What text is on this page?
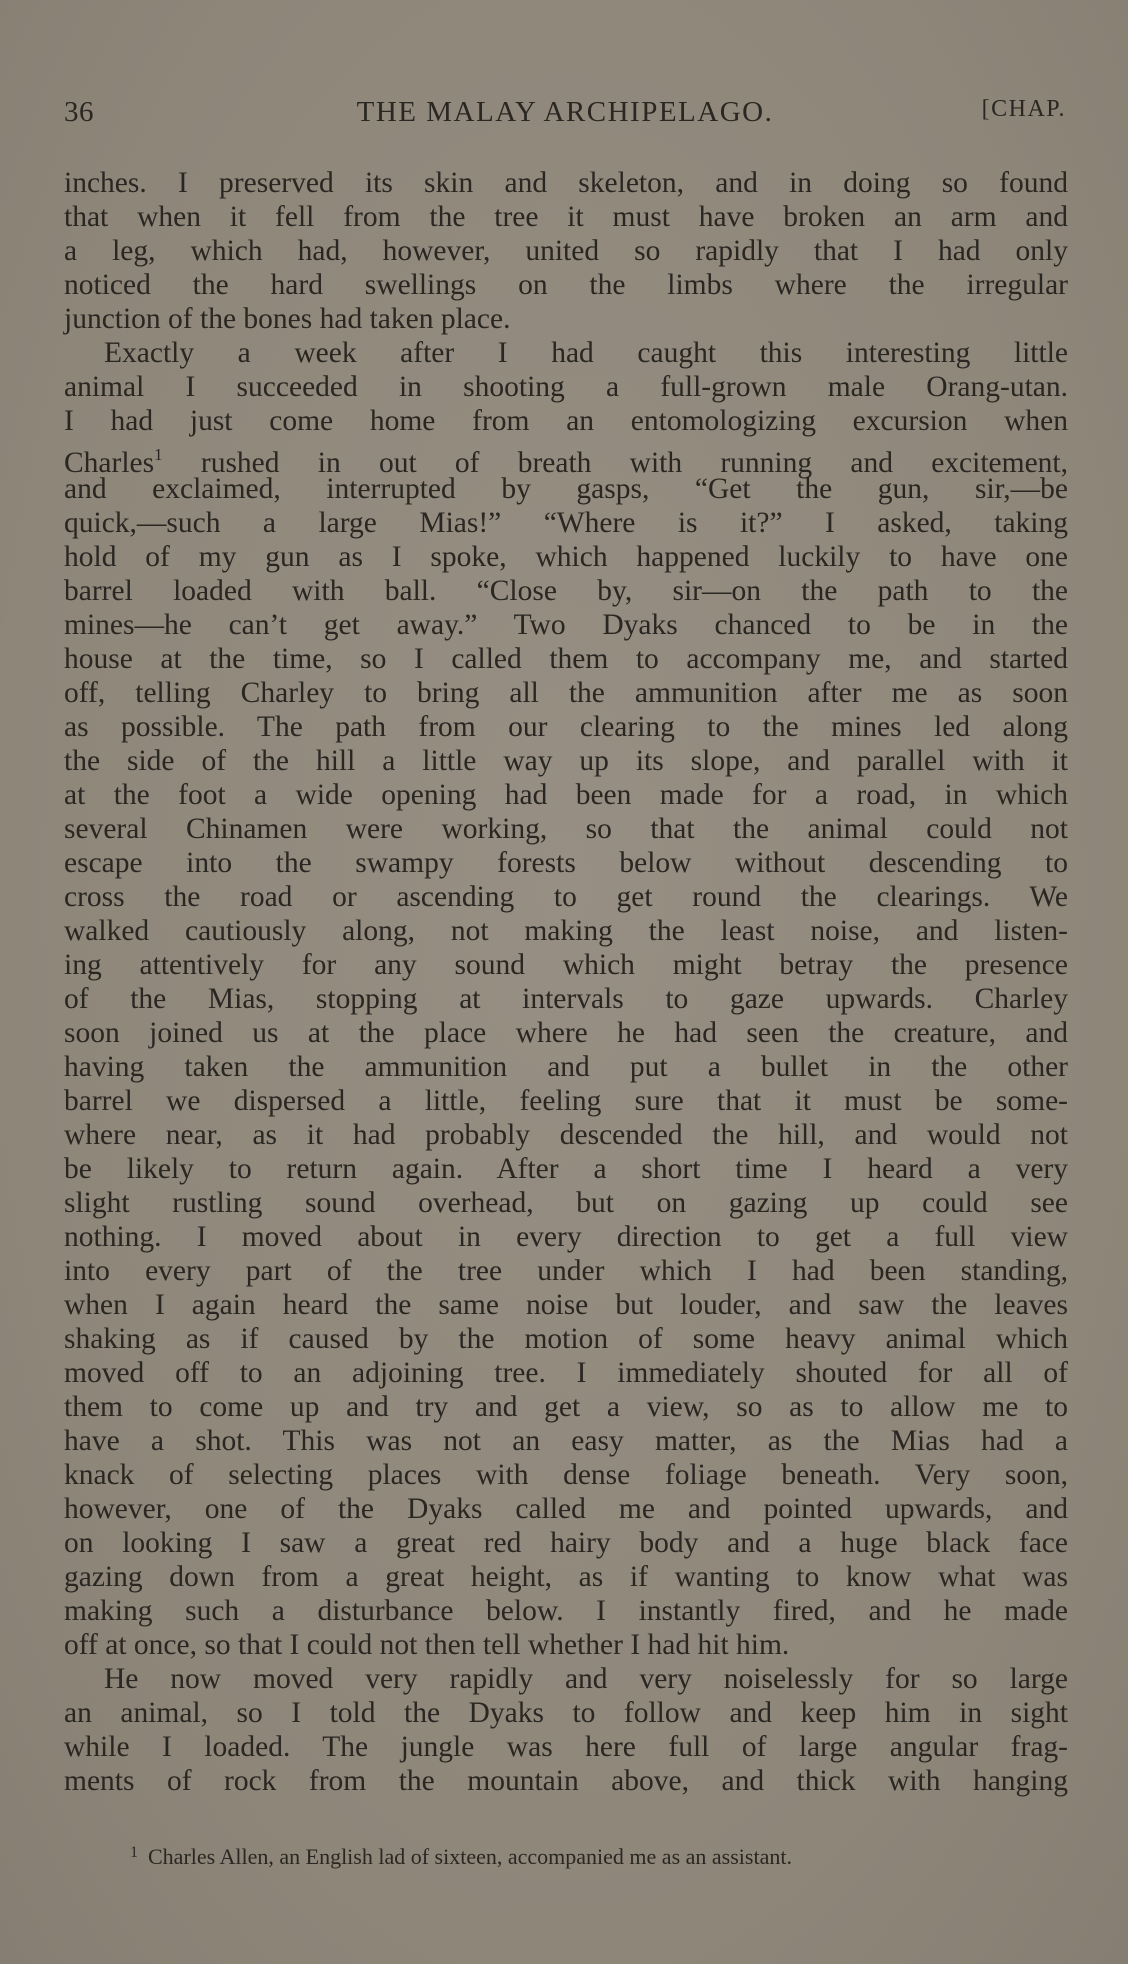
36	THE MALAY ARCHIPELAGO.	[CHAP.
inches. I preserved its skin and skeleton, and in doing so found
that when it fell from the tree it must have broken an arm and
a leg, which had, however, united so rapidly that I had only
noticed the hard swellings on the limbs where the irregular
junction of the bones had taken place.
Exactly a week after I had caught this interesting little
animal I succeeded in shooting a full-grown male Orang-utan.
I had just come home from an entomologizing excursion when
Charles$^1$ rushed in out of breath with running and excitement,
and exclaimed, interrupted by gasps, “Get the gun, sir,—be
quick,—such a large Mias!” “Where is it?” I asked, taking
hold of my gun as I spoke, which happened luckily to have one
barrel loaded with ball. “Close by, sir—on the path to the
mines—he can’t get away.” Two Dyaks chanced to be in the
house at the time, so I called them to accompany me, and started
off, telling Charley to bring all the ammunition after me as soon
as possible. The path from our clearing to the mines led along
the side of the hill a little way up its slope, and parallel with it
at the foot a wide opening had been made for a road, in which
several Chinamen were working, so that the animal could not
escape into the swampy forests below without descending to
cross the road or ascending to get round the clearings. We
walked cautiously along, not making the least noise, and listen-
ing attentively for any sound which might betray the presence
of the Mias, stopping at intervals to gaze upwards. Charley
soon joined us at the place where he had seen the creature, and
having taken the ammunition and put a bullet in the other
barrel we dispersed a little, feeling sure that it must be some-
where near, as it had probably descended the hill, and would not
be likely to return again. After a short time I heard a very
slight rustling sound overhead, but on gazing up could see
nothing. I moved about in every direction to get a full view
into every part of the tree under which I had been standing,
when I again heard the same noise but louder, and saw the leaves
shaking as if caused by the motion of some heavy animal which
moved off to an adjoining tree. I immediately shouted for all of
them to come up and try and get a view, so as to allow me to
have a shot. This was not an easy matter, as the Mias had a
knack of selecting places with dense foliage beneath. Very soon,
however, one of the Dyaks called me and pointed upwards, and
on looking I saw a great red hairy body and a huge black face
gazing down from a great height, as if wanting to know what was
making such a disturbance below. I instantly fired, and he made
off at once, so that I could not then tell whether I had hit him.
He now moved very rapidly and very noiselessly for so large
an animal, so I told the Dyaks to follow and keep him in sight
while I loaded. The jungle was here full of large angular frag-
ments of rock from the mountain above, and thick with hanging
$^1$ Charles Allen, an English lad of sixteen, accompanied me as an assistant.
